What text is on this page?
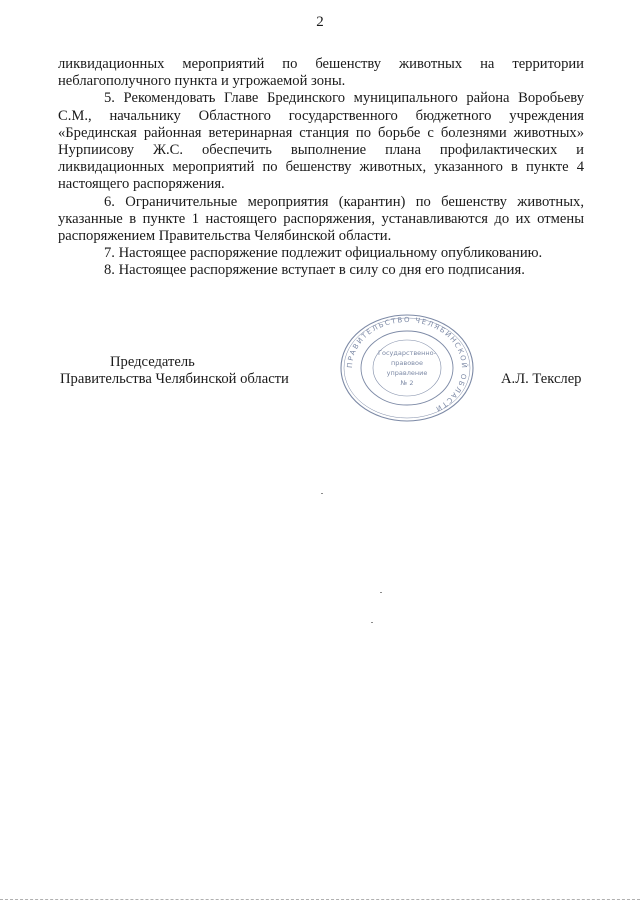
2

ликвидационных мероприятий по бешенству животных на территории неблагополучного пункта и угрожаемой зоны.

5. Рекомендовать Главе Брединского муниципального района Воробьеву С.М., начальнику Областного государственного бюджетного учреждения «Брединская районная ветеринарная станция по борьбе с болезнями животных» Нурпиисову Ж.С. обеспечить выполнение плана профилактических и ликвидационных мероприятий по бешенству животных, указанного в пункте 4 настоящего распоряжения.

6. Ограничительные мероприятия (карантин) по бешенству животных, указанные в пункте 1 настоящего распоряжения, устанавливаются до их отмены распоряжением Правительства Челябинской области.

7. Настоящее распоряжение подлежит официальному опубликованию.

8. Настоящее распоряжение вступает в силу со дня его подписания.

Председатель
Правительства Челябинской области
ПРАВИТЕЛЬСТВО ЧЕЛЯБИНСКОЙ ОБЛАСТИ
Государственно-
правовое
управление
№ 2	А.Л. Текслер
